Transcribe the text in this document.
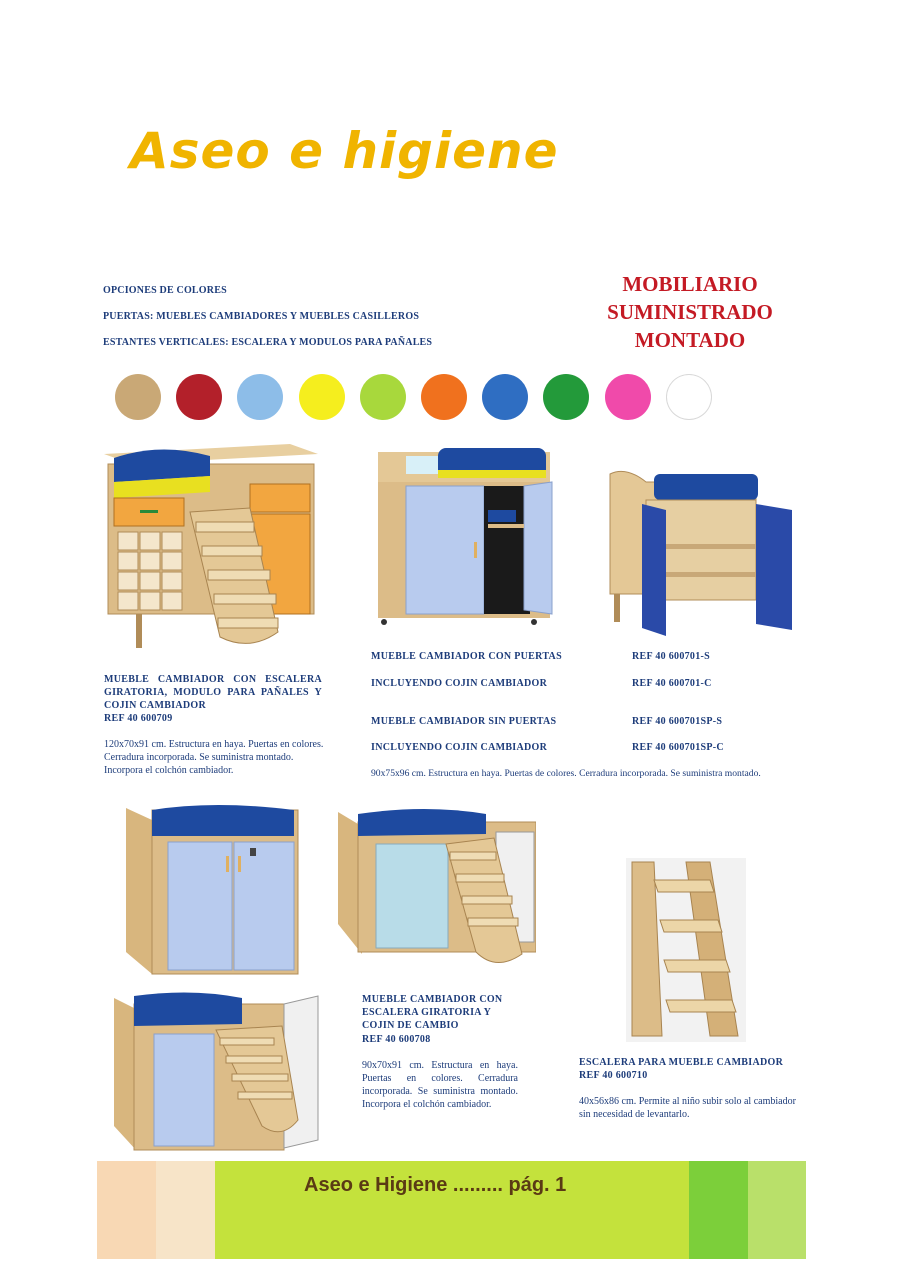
Aseo e higiene
OPCIONES DE COLORES
PUERTAS: MUEBLES CAMBIADORES Y MUEBLES CASILLEROS
ESTANTES VERTICALES: ESCALERA Y MODULOS PARA PAÑALES
MOBILIARIO
SUMINISTRADO
MONTADO
MUEBLE CAMBIADOR CON ESCALERA GIRATORIA, MODULO PARA PAÑALES Y COJIN CAMBIADOR
REF 40 600709
120x70x91 cm. Estructura en haya. Puertas en colores. Cerradura incorporada. Se suministra montado. Incorpora el colchón cambiador.
MUEBLE CAMBIADOR CON PUERTAS	REF 40 600701-S
INCLUYENDO COJIN CAMBIADOR	REF 40 600701-C
MUEBLE CAMBIADOR SIN PUERTAS	REF 40 600701SP-S
INCLUYENDO COJIN CAMBIADOR	REF 40 600701SP-C
90x75x96 cm. Estructura en haya. Puertas de colores. Cerradura incorporada. Se suministra montado.
MUEBLE CAMBIADOR CON ESCALERA GIRATORIA Y COJIN DE CAMBIO
REF 40 600708
90x70x91 cm. Estructura en haya. Puertas en colores. Cerradura incorporada. Se suministra montado. Incorpora el colchón cambiador.
ESCALERA PARA MUEBLE CAMBIADOR
REF 40 600710
40x56x86 cm. Permite al niño subir solo al cambiador sin necesidad de levantarlo.
Aseo e Higiene ......... pág. 1
